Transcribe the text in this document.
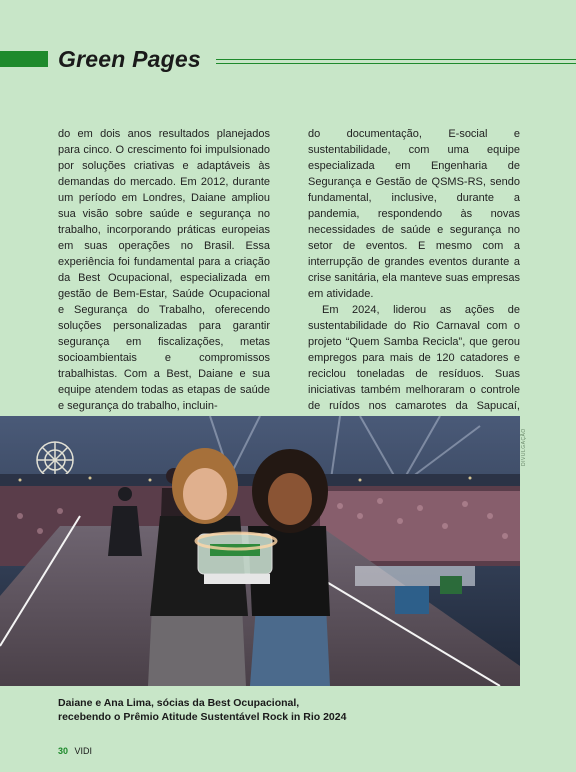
Green Pages

do em dois anos resultados planejados para cinco. O crescimento foi impulsionado por soluções criativas e adaptáveis às demandas do mercado. Em 2012, durante um período em Londres, Daiane ampliou sua visão sobre saúde e segurança no trabalho, incorporando práticas europeias em suas operações no Brasil. Essa experiência foi fundamental para a criação da Best Ocupacional, especializada em gestão de Bem-Estar, Saúde Ocupacional e Segurança do Trabalho, oferecendo soluções personalizadas para garantir segurança em fiscalizações, metas socioambientais e compromissos trabalhistas. Com a Best, Daiane e sua equipe atendem todas as etapas de saúde e segurança do trabalho, incluin-

do documentação, E-social e sustentabilidade, com uma equipe especializada em Engenharia de Segurança e Gestão de QSMS-RS, sendo fundamental, inclusive, durante a pandemia, respondendo às novas necessidades de saúde e segurança no setor de eventos. E mesmo com a interrupção de grandes eventos durante a crise sanitária, ela manteve suas empresas em atividade.

Em 2024, liderou as ações de sustentabilidade do Rio Carnaval com o projeto “Quem Samba Recicla”, que gerou empregos para mais de 120 catadores e reciclou toneladas de resíduos. Suas iniciativas também melhoraram o controle de ruídos nos camarotes da Sapucaí,

DIVULGAÇÃO
Daiane e Ana Lima, sócias da Best Ocupacional,
recebendo o Prêmio Atitude Sustentável Rock in Rio 2024
30 VIDI
